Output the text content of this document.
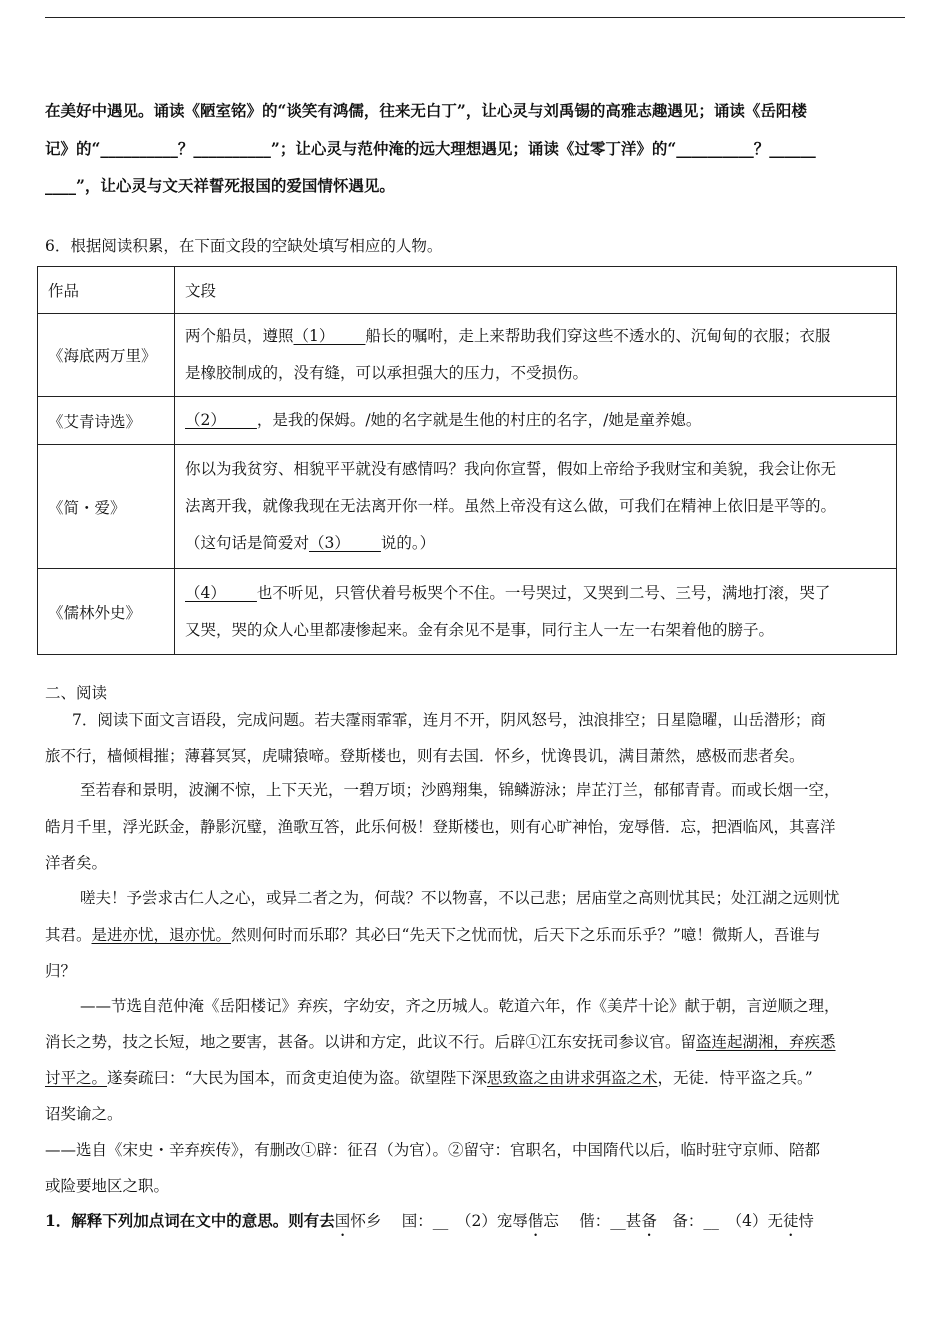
在美好中遇见。诵读《陋室铭》的“谈笑有鸿儒，往来无白丁”，让心灵与刘禹锡的高雅志趣遇见；诵读《岳阳楼
记》的“__________？__________”；让心灵与范仲淹的远大理想遇见；诵读《过零丁洋》的“__________？______
____”，让心灵与文天祥誓死报国的爱国情怀遇见。
6．根据阅读积累，在下面文段的空缺处填写相应的人物。
作品	文段
《海底两万里》	两个船员，遵照（1）____船长的嘱咐，走上来帮助我们穿这些不透水的、沉甸甸的衣服；衣服
是橡胶制成的，没有缝，可以承担强大的压力，不受损伤。

《艾青诗选》	（2）____，是我的保姆。/她的名字就是生他的村庄的名字，/她是童养媳。

《简・爱》	你以为我贫穷、相貌平平就没有感情吗？我向你宣誓，假如上帝给予我财宝和美貌，我会让你无
法离开我，就像我现在无法离开你一样。虽然上帝没有这么做，可我们在精神上依旧是平等的。
（这句话是简爱对（3）____说的。）

《儒林外史》	（4）____也不听见，只管伏着号板哭个不住。一号哭过，又哭到二号、三号，满地打滚，哭了
又哭，哭的众人心里都凄惨起来。金有余见不是事，同行主人一左一右架着他的膀子。
二、阅读
7．阅读下面文言语段，完成问题。若夫霪雨霏霏，连月不开，阴风怒号，浊浪排空；日星隐曜，山岳潜形；商
旅不行，樯倾楫摧；薄暮冥冥，虎啸猿啼。登斯楼也，则有去国．怀乡，忧谗畏讥，满目萧然，感极而悲者矣。
至若春和景明，波澜不惊，上下天光，一碧万顷；沙鸥翔集，锦鳞游泳；岸芷汀兰，郁郁青青。而或长烟一空，
皓月千里，浮光跃金，静影沉璧，渔歌互答，此乐何极！登斯楼也，则有心旷神怡，宠辱偕．忘，把酒临风，其喜洋
洋者矣。
嗟夫！予尝求古仁人之心，或异二者之为，何哉？不以物喜，不以己悲；居庙堂之高则忧其民；处江湖之远则忧
其君。是进亦忧，退亦忧。然则何时而乐耶？其必曰“先天下之忧而忧，后天下之乐而乐乎？”噫！微斯人，吾谁与
归？
——节选自范仲淹《岳阳楼记》弃疾，字幼安，齐之历城人。乾道六年，作《美芹十论》献于朝，言逆顺之理，
消长之势，技之长短，地之要害，甚备。以讲和方定，此议不行。后辟①江东安抚司参议官。留盗连起湖湘，弃疾悉
讨平之。遂奏疏曰：“大民为国本，而贪吏迫使为盗。欲望陛下深思致盗之由讲求弭盗之术，无徒．恃平盗之兵。”
诏奖谕之。
——选自《宋史・辛弃疾传》，有删改①辟：征召（为官）。②留守：官职名，中国隋代以后，临时驻守京师、陪都
或险要地区之职。
1．解释下列加点词在文中的意思。则有去国怀乡　 国：__　（2）宠辱偕忘　 偕：__甚备　备：__　（4）无徒恃
